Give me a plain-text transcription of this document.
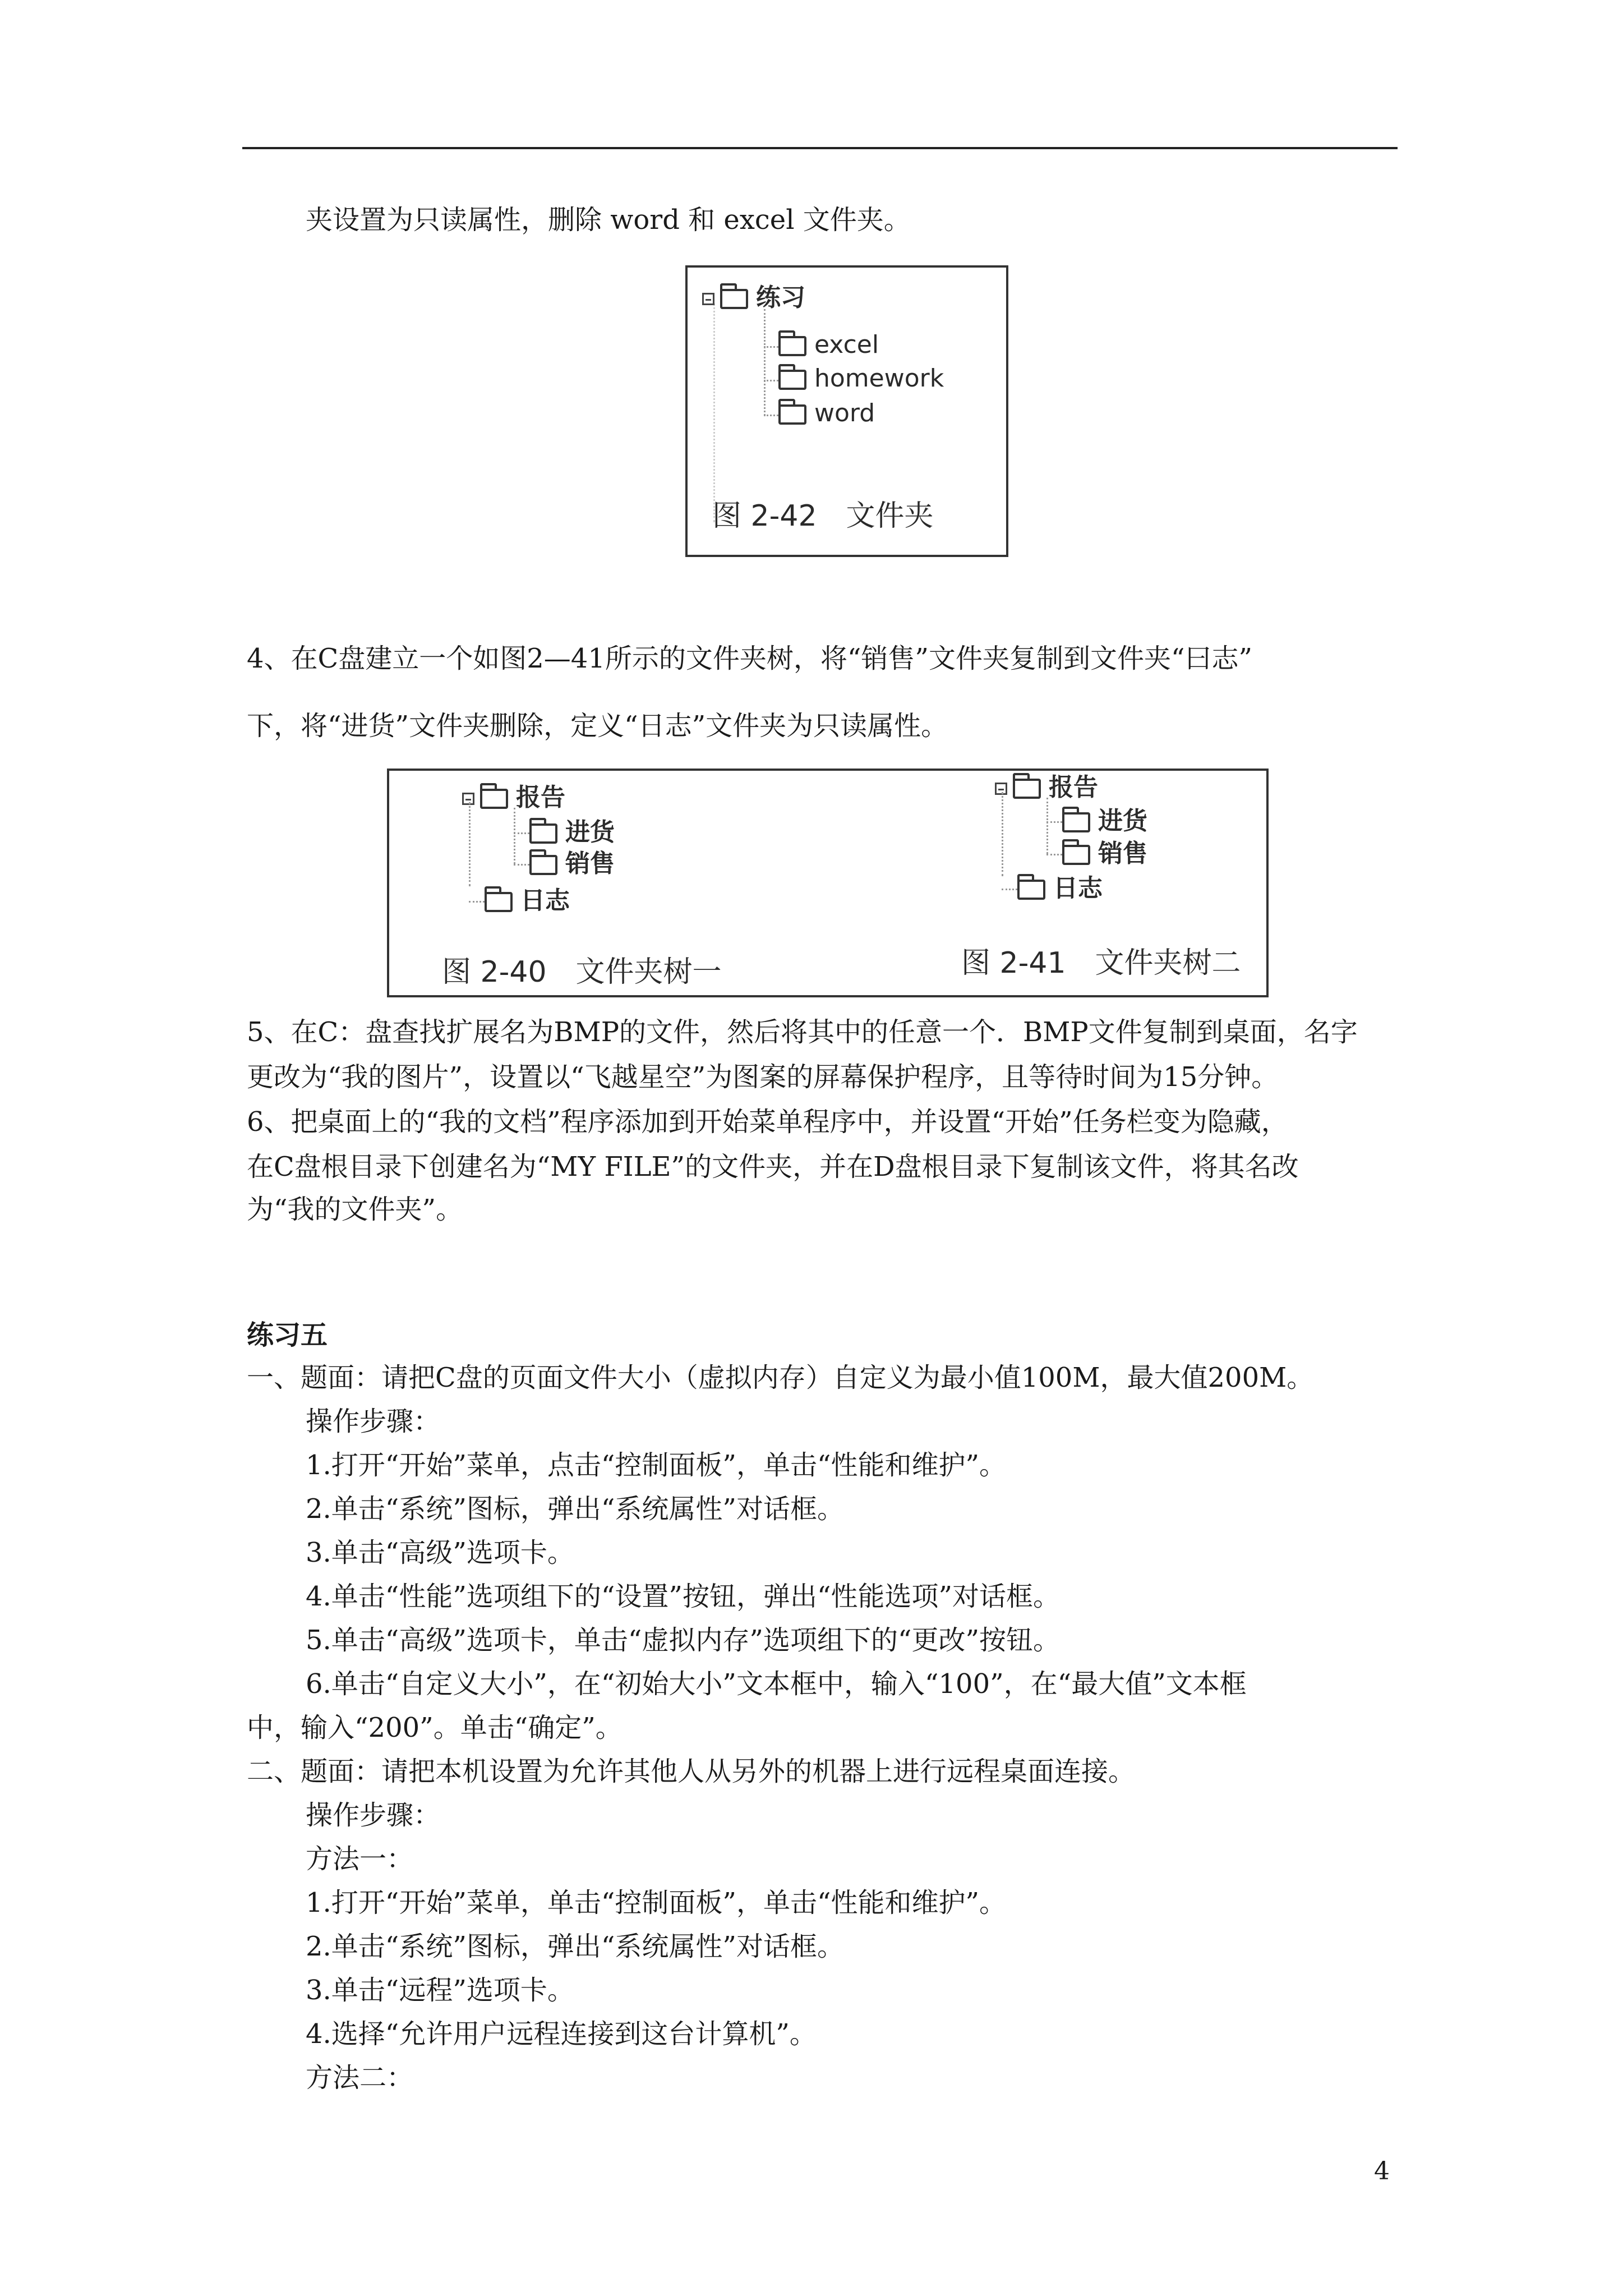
夹设置为只读属性，删除 word 和 excel 文件夹。
练习
excel
homework
word
图 2-42　文件夹
4、在C盘建立一个如图2—41所示的文件夹树，将“销售”文件夹复制到文件夹“曰志”
下，将“进货”文件夹删除，定义“日志”文件夹为只读属性。
报告
进货
销售
日志
图 2-40　文件夹树一
报告
进货
销售
日志
图 2-41　文件夹树二
5、在C：盘查找扩展名为BMP的文件，然后将其中的任意一个．BMP文件复制到桌面，名字
更改为“我的图片”，设置以“飞越星空”为图案的屏幕保护程序，且等待时间为15分钟。
6、把桌面上的“我的文档”程序添加到开始菜单程序中，并设置“开始”任务栏变为隐藏，
在C盘根目录下创建名为“MY FILE”的文件夹，并在D盘根目录下复制该文件，将其名改
为“我的文件夹”。
练习五
一、题面：请把C盘的页面文件大小（虚拟内存）自定义为最小值100M，最大值200M。
操作步骤：
1.打开“开始”菜单，点击“控制面板”，单击“性能和维护”。
2.单击“系统”图标，弹出“系统属性”对话框。
3.单击“高级”选项卡。
4.单击“性能”选项组下的“设置”按钮，弹出“性能选项”对话框。
5.单击“高级”选项卡，单击“虚拟内存”选项组下的“更改”按钮。
6.单击“自定义大小”，在“初始大小”文本框中，输入“100”，在“最大值”文本框
中，输入“200”。单击“确定”。
二、题面：请把本机设置为允许其他人从另外的机器上进行远程桌面连接。
操作步骤：
方法一：
1.打开“开始”菜单，单击“控制面板”，单击“性能和维护”。
2.单击“系统”图标，弹出“系统属性”对话框。
3.单击“远程”选项卡。
4.选择“允许用户远程连接到这台计算机”。
方法二：
4
